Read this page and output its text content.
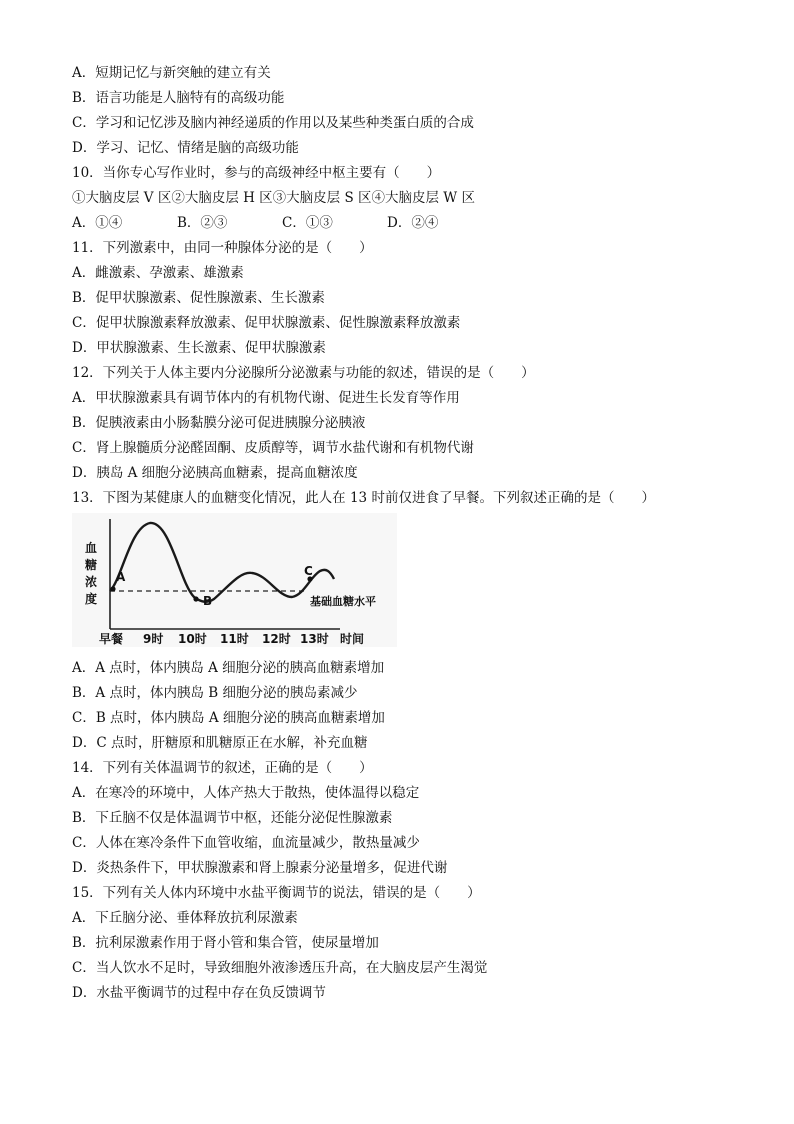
A．短期记忆与新突触的建立有关
B．语言功能是人脑特有的高级功能
C．学习和记忆涉及脑内神经递质的作用以及某些种类蛋白质的合成
D．学习、记忆、情绪是脑的高级功能
10．当你专心写作业时，参与的高级神经中枢主要有（　　）
①大脑皮层 V 区②大脑皮层 H 区③大脑皮层 S 区④大脑皮层 W 区
A．①④	B．②③	C．①③	D．②④
11．下列激素中，由同一种腺体分泌的是（　　）
A．雌激素、孕激素、雄激素
B．促甲状腺激素、促性腺激素、生长激素
C．促甲状腺激素释放激素、促甲状腺激素、促性腺激素释放激素
D．甲状腺激素、生长激素、促甲状腺激素
12．下列关于人体主要内分泌腺所分泌激素与功能的叙述，错误的是（　　）
A．甲状腺激素具有调节体内的有机物代谢、促进生长发育等作用
B．促胰液素由小肠黏膜分泌可促进胰腺分泌胰液
C．肾上腺髓质分泌醛固酮、皮质醇等，调节水盐代谢和有机物代谢
D．胰岛 A 细胞分泌胰高血糖素，提高血糖浓度
13．下图为某健康人的血糖变化情况，此人在 13 时前仅进食了早餐。下列叙述正确的是（　　）
血
糖
浓
度	基础血糖水平
A
B
C
早餐 9时 10时 11时 12时 13时 时间
A．A 点时，体内胰岛 A 细胞分泌的胰高血糖素增加
B．A 点时，体内胰岛 B 细胞分泌的胰岛素减少
C．B 点时，体内胰岛 A 细胞分泌的胰高血糖素增加
D．C 点时，肝糖原和肌糖原正在水解，补充血糖
14．下列有关体温调节的叙述，正确的是（　　）
A．在寒冷的环境中，人体产热大于散热，使体温得以稳定
B．下丘脑不仅是体温调节中枢，还能分泌促性腺激素
C．人体在寒冷条件下血管收缩，血流量减少，散热量减少
D．炎热条件下，甲状腺激素和肾上腺素分泌量增多，促进代谢
15．下列有关人体内环境中水盐平衡调节的说法，错误的是（　　）
A．下丘脑分泌、垂体释放抗利尿激素
B．抗利尿激素作用于肾小管和集合管，使尿量增加
C．当人饮水不足时，导致细胞外液渗透压升高，在大脑皮层产生渴觉
D．水盐平衡调节的过程中存在负反馈调节
